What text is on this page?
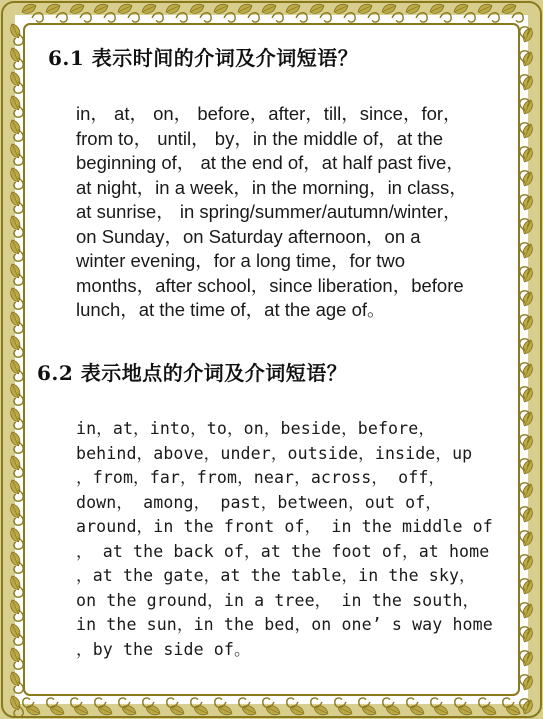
6.1 表示时间的介词及介词短语？

in， at， on， before，after，till，since，for，
from to， until， by，in the middle of，at the
beginning of， at the end of，at half past five，
at night，in a week，in the morning，in class，
at sunrise， in spring/summer/autumn/winter，
on Sunday，on Saturday afternoon，on a
winter evening，for a long time，for two
months，after school，since liberation，before
lunch，at the time of，at the age of。

6.2 表示地点的介词及介词短语？

in，at，into，to，on，beside，before，
behind，above，under，outside，inside，up
，from，far，from，near，across， off，
down， among， past，between，out of，
around，in the front of， in the middle of
， at the back of，at the foot of，at home
，at the gate，at the table，in the sky，
on the ground，in a tree， in the south，
in the sun，in the bed，on one’ s way home
，by the side of。
